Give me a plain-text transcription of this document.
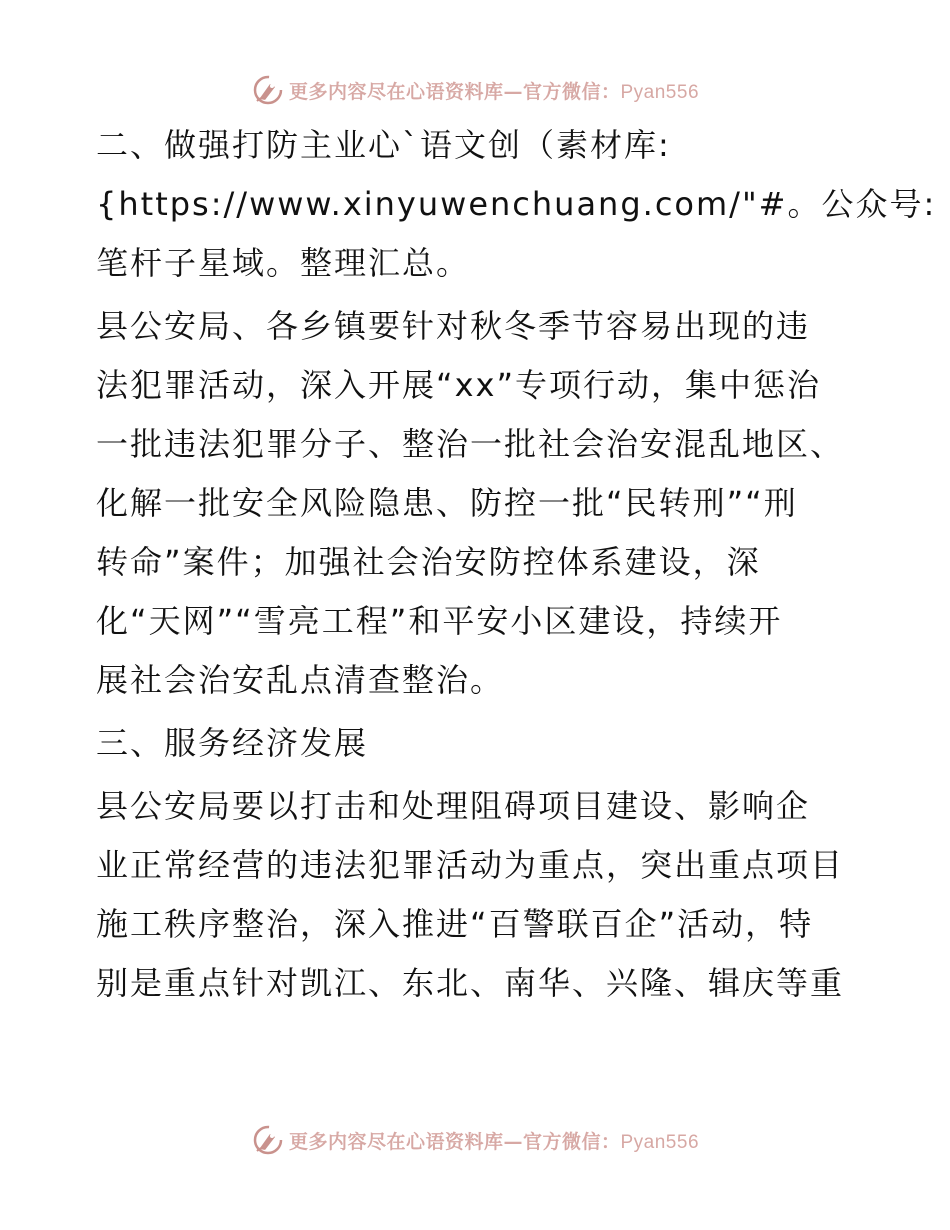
更多内容尽在心语资料库—官方微信：Pyan556

二、做强打防主业心`语文创（素材库:
{https://www.xinyuwenchuang.com/"#。公众号:
笔杆子星域。整理汇总。

县公安局、各乡镇要针对秋冬季节容易出现的违
法犯罪活动，深入开展“xx”专项行动，集中惩治
一批违法犯罪分子、整治一批社会治安混乱地区、
化解一批安全风险隐患、防控一批“民转刑”“刑
转命”案件；加强社会治安防控体系建设，深
化“天网”“雪亮工程”和平安小区建设，持续开
展社会治安乱点清查整治。

三、服务经济发展

县公安局要以打击和处理阻碍项目建设、影响企
业正常经营的违法犯罪活动为重点，突出重点项目
施工秩序整治，深入推进“百警联百企”活动，特
别是重点针对凯江、东北、南华、兴隆、辑庆等重

更多内容尽在心语资料库—官方微信：Pyan556
